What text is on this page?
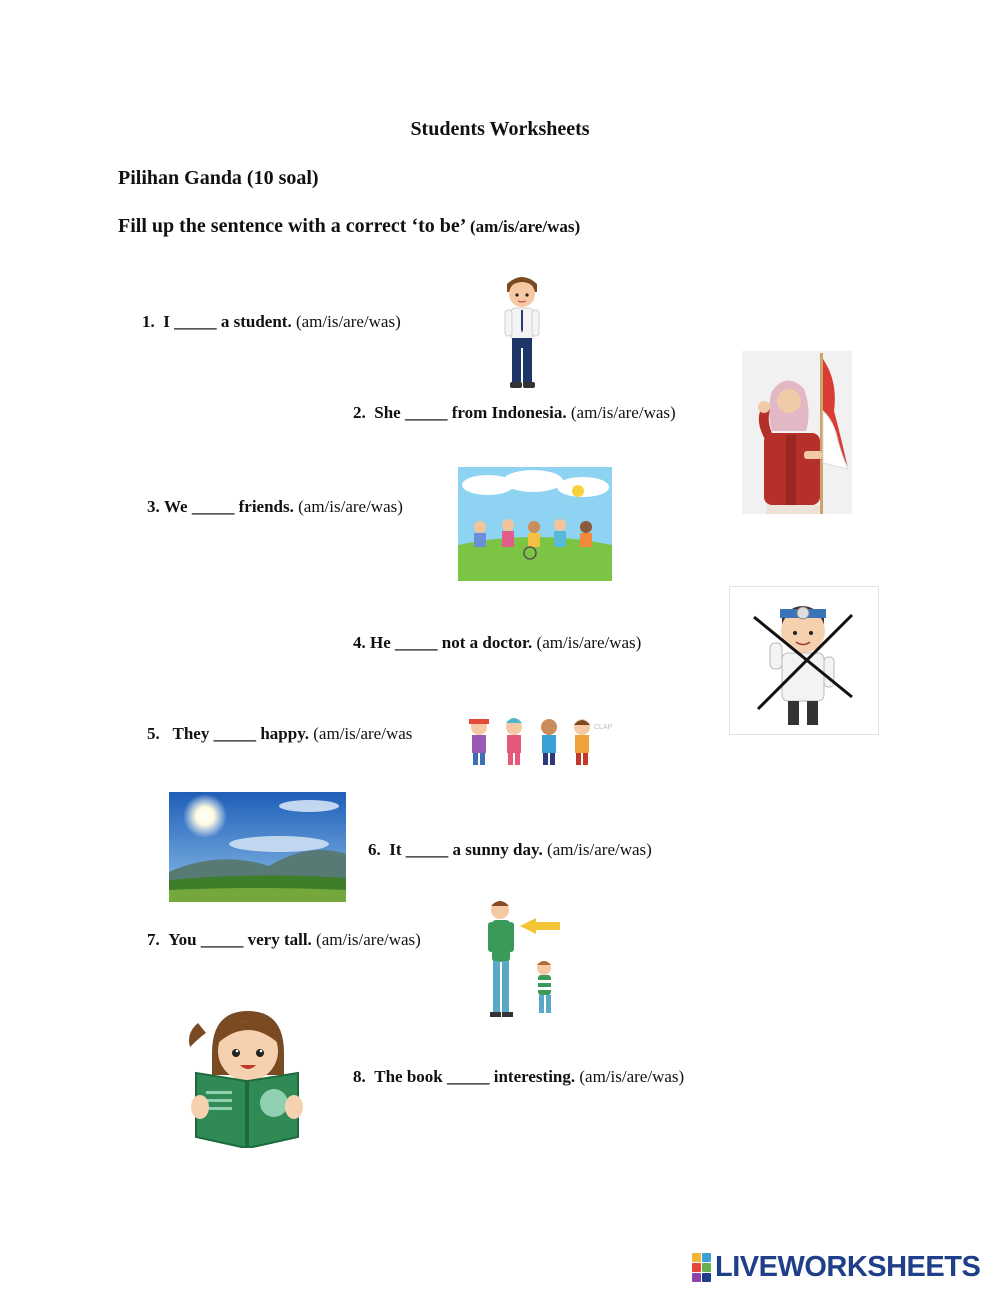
Students Worksheets
Pilihan Ganda (10 soal)
Fill up the sentence with a correct ‘to be’ (am/is/are/was)
1. I _____ a student. (am/is/are/was)
2. She _____ from Indonesia. (am/is/are/was)
3. We _____ friends. (am/is/are/was)
4. He _____ not a doctor. (am/is/are/was)
5. They _____ happy. (am/is/are/was	CLAP
6. It _____ a sunny day. (am/is/are/was)
7. You _____ very tall. (am/is/are/was)
8. The book _____ interesting. (am/is/are/was)
LIVEWORKSHEETS
